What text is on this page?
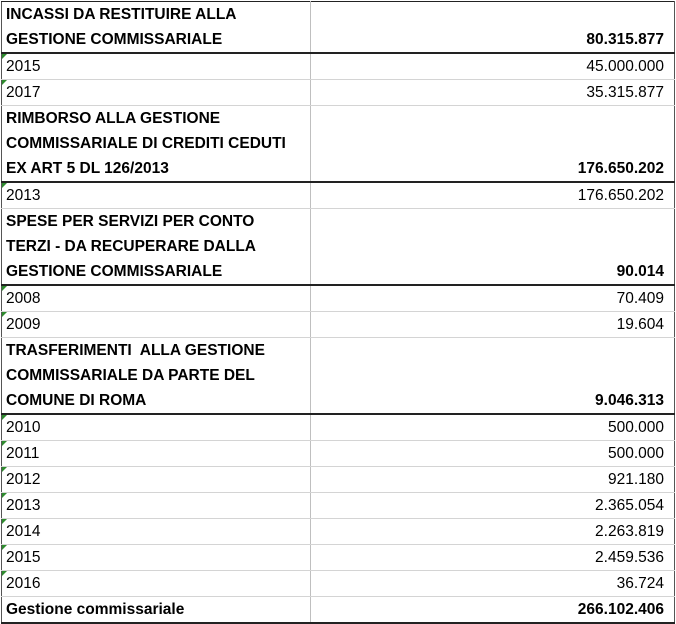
INCASSI DA RESTITUIRE ALLA GESTIONE COMMISSARIALE	80.315.877

2015	45.000.000

2017	35.315.877

RIMBORSO ALLA GESTIONE COMMISSARIALE DI CREDITI CEDUTI EX ART 5 DL 126/2013	176.650.202

2013	176.650.202

SPESE PER SERVIZI PER CONTO TERZI - DA RECUPERARE DALLA GESTIONE COMMISSARIALE	90.014

2008	70.409

2009	19.604

TRASFERIMENTI  ALLA GESTIONE COMMISSARIALE DA PARTE DEL COMUNE DI ROMA	9.046.313

2010	500.000

2011	500.000

2012	921.180

2013	2.365.054

2014	2.263.819

2015	2.459.536

2016	36.724
Gestione commissariale	266.102.406
